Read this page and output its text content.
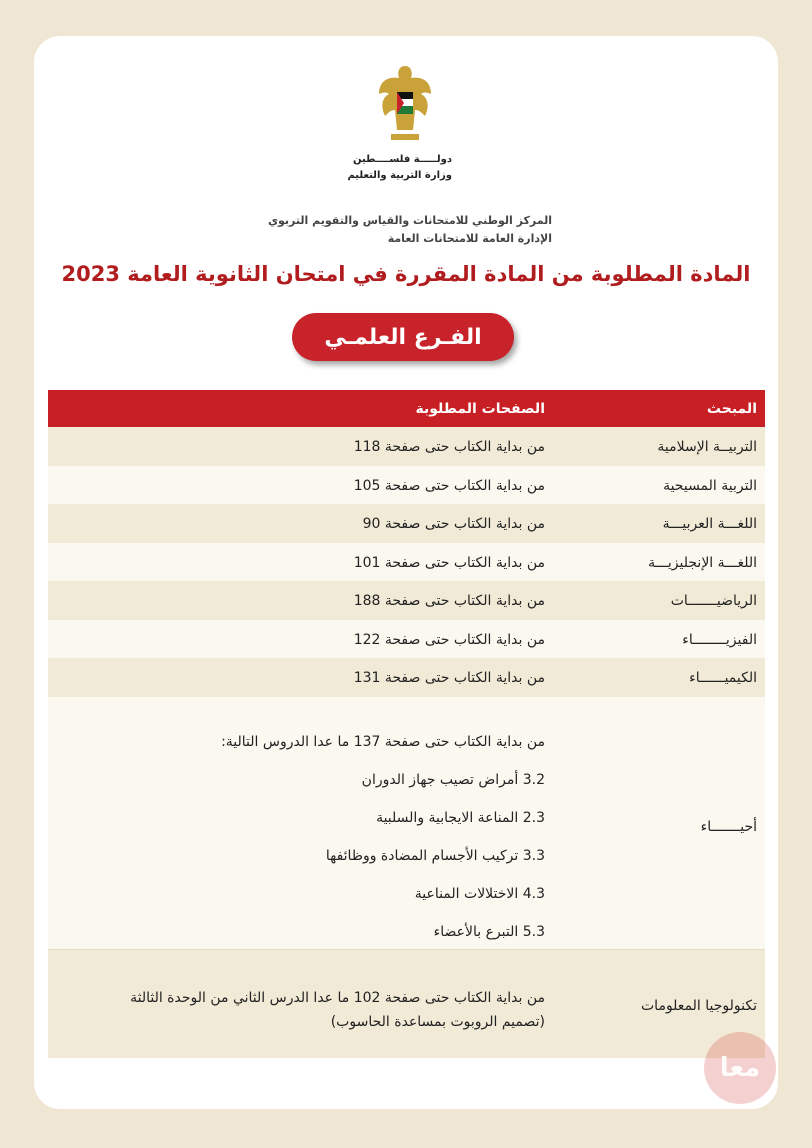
دولـــــة فلســــطين
وزارة التربية والتعليم
المركز الوطني للامتحانات والقياس والتقويم التربوي
الإدارة العامة للامتحانات العامة
المادة المطلوبة من المادة المقررة في امتحان الثانوية العامة 2023
الفـرع العلمـي
المبحث
الصفحات المطلوبة
التربيــة الإسلامية
من بداية الكتاب حتى صفحة 118
التربية المسيحية
من بداية الكتاب حتى صفحة 105
اللغـــة العربيـــة
من بداية الكتاب حتى صفحة 90
اللغـــة الإنجليزيـــة
من بداية الكتاب حتى صفحة 101
الرياضيـــــــات
من بداية الكتاب حتى صفحة 188
الفيزيــــــــاء
من بداية الكتاب حتى صفحة 122
الكيميــــــاء
من بداية الكتاب حتى صفحة 131
أحيـــــــاء
من بداية الكتاب حتى صفحة 137 ما عدا الدروس التالية:
3.2 أمراض تصيب جهاز الدوران
2.3 المناعة الايجابية والسلبية
3.3 تركيب الأجسام المضادة ووظائفها
4.3 الاختلالات المناعية
5.3 التبرع بالأعضاء
تكنولوجيا المعلومات
من بداية الكتاب حتى صفحة 102 ما عدا الدرس الثاني من الوحدة الثالثة
(تصميم الروبوت بمساعدة الحاسوب)
معا
